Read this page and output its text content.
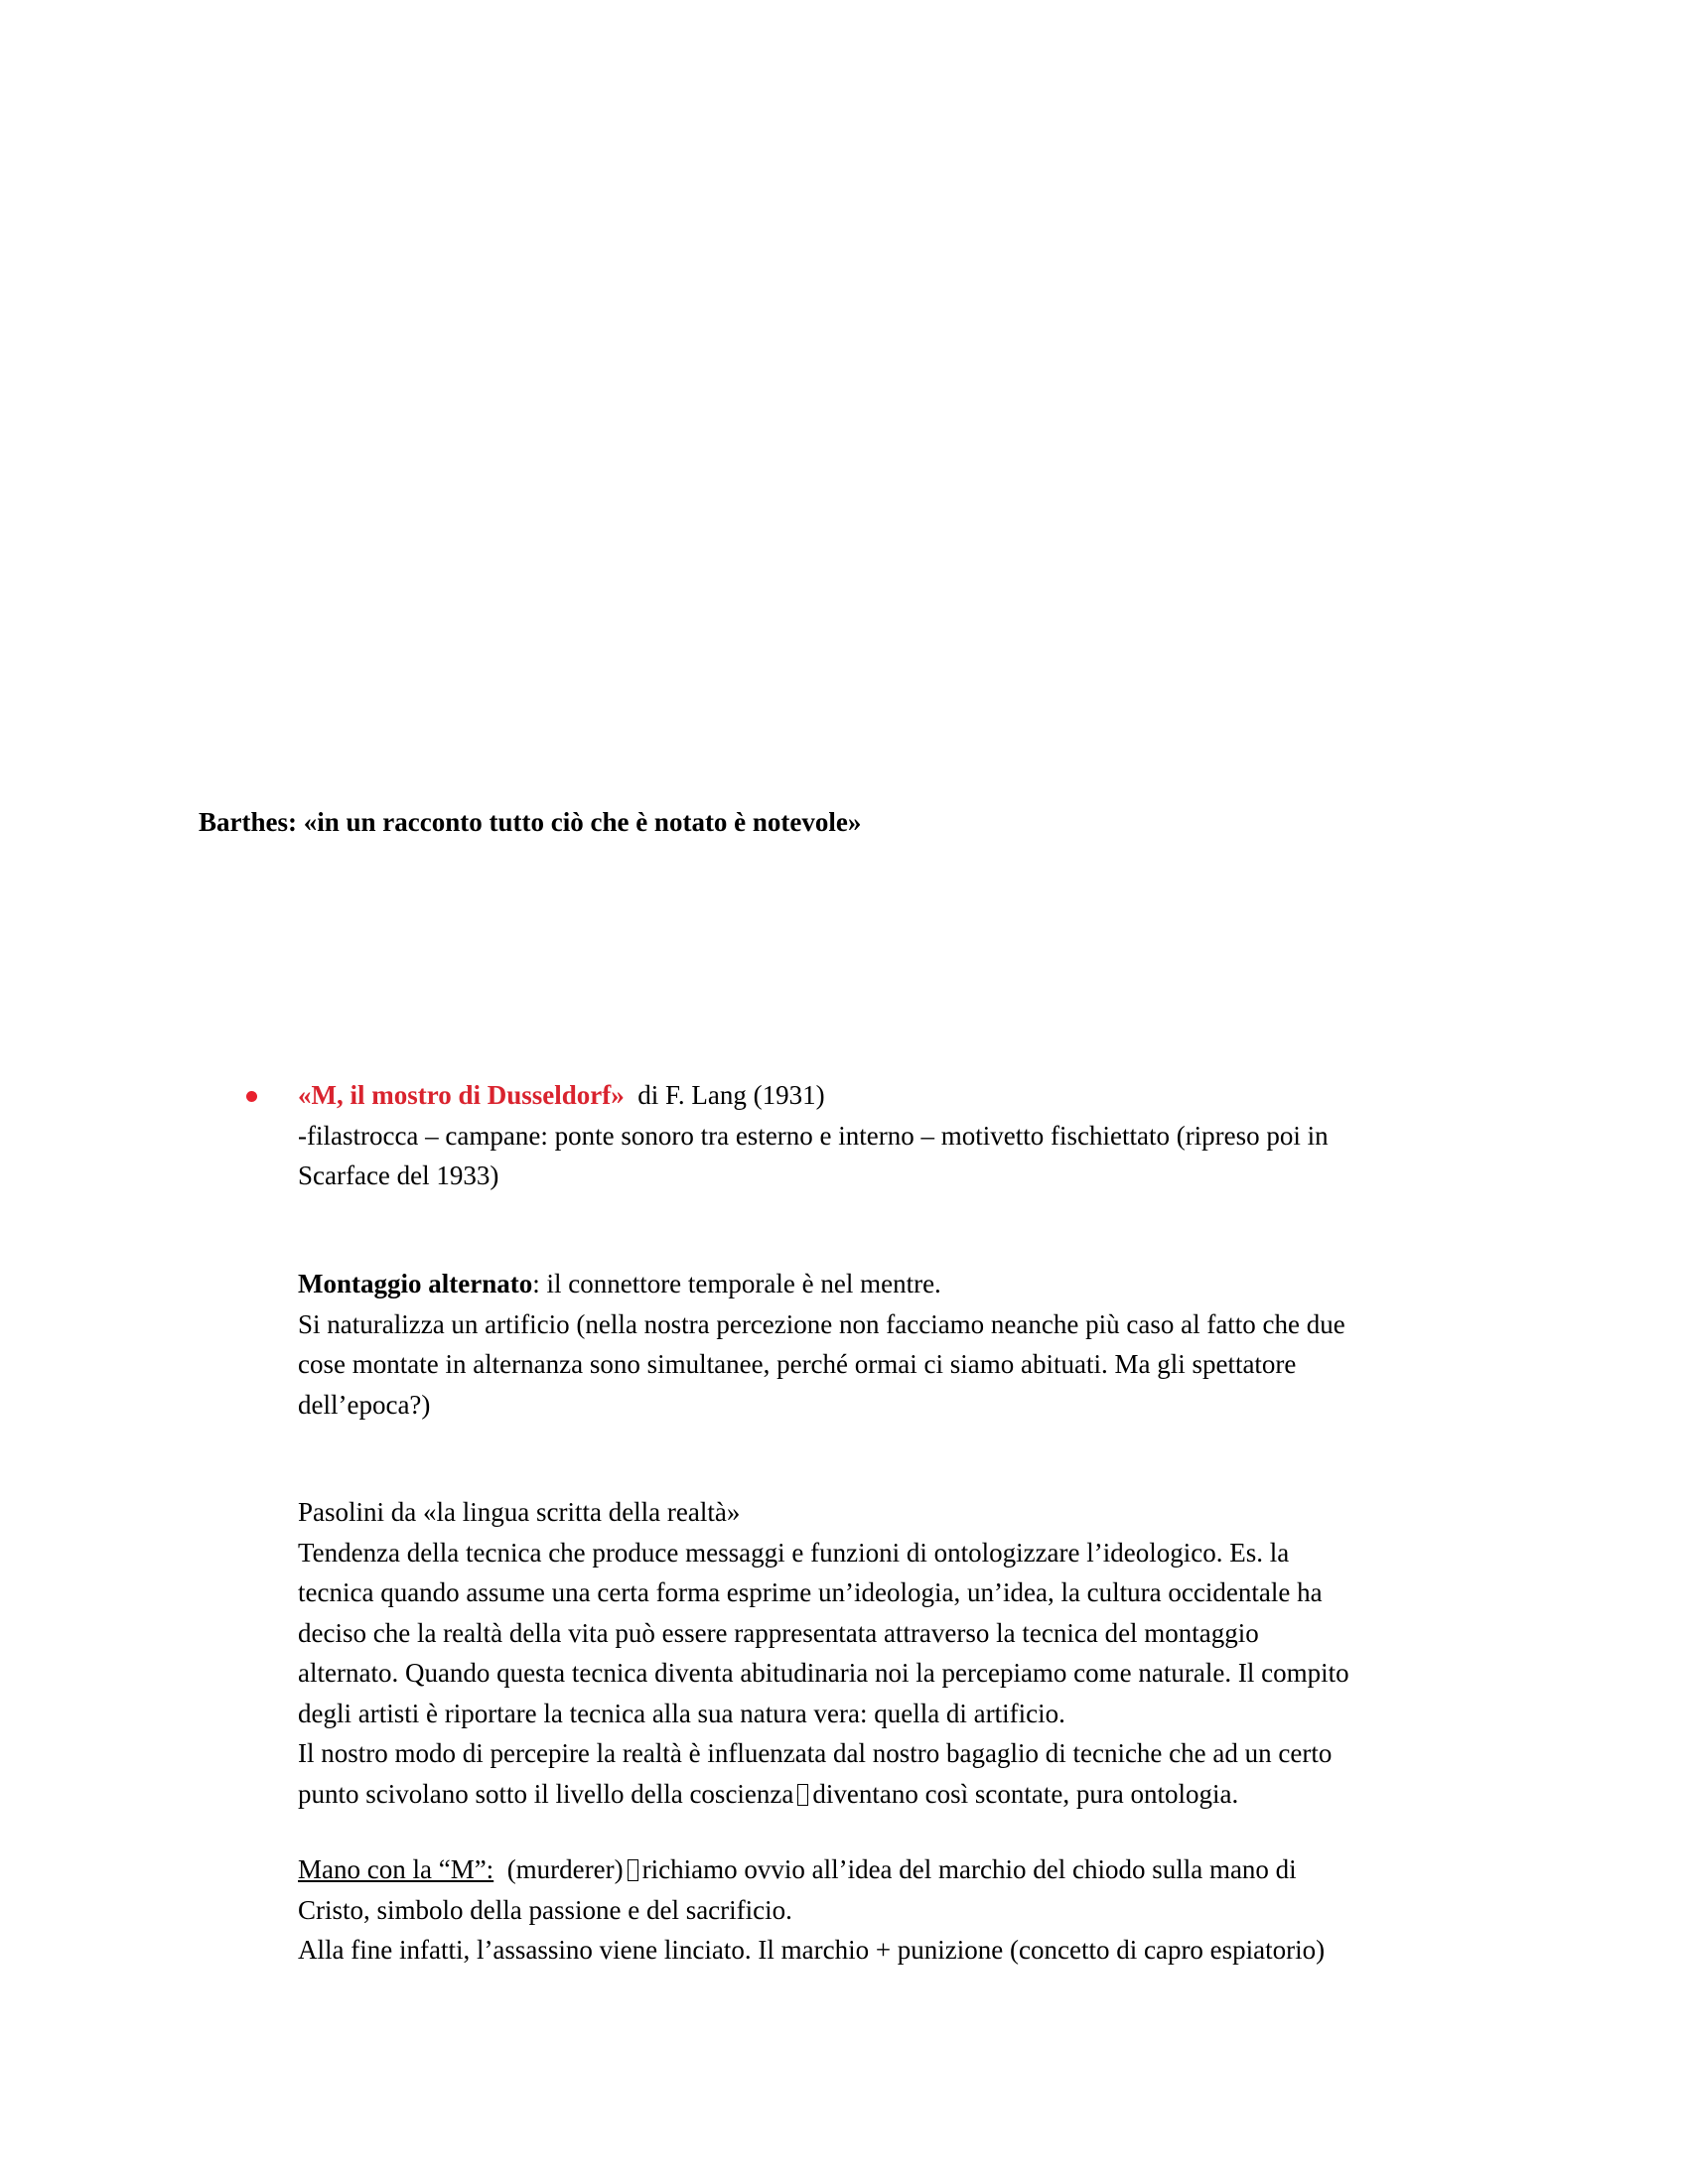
Barthes: «in un racconto tutto ciò che è notato è notevole»
«M, il mostro di Dusseldorf» di F. Lang (1931)
-filastrocca – campane: ponte sonoro tra esterno e interno – motivetto fischiettato (ripreso poi in
Scarface del 1933)
Montaggio alternato: il connettore temporale è nel mentre.
Si naturalizza un artificio (nella nostra percezione non facciamo neanche più caso al fatto che due
cose montate in alternanza sono simultanee, perché ormai ci siamo abituati. Ma gli spettatore
dell’epoca?)
Pasolini da «la lingua scritta della realtà»
Tendenza della tecnica che produce messaggi e funzioni di ontologizzare l’ideologico. Es. la
tecnica quando assume una certa forma esprime un’ideologia, un’idea, la cultura occidentale ha
deciso che la realtà della vita può essere rappresentata attraverso la tecnica del montaggio
alternato. Quando questa tecnica diventa abitudinaria noi la percepiamo come naturale. Il compito
degli artisti è riportare la tecnica alla sua natura vera: quella di artificio.
Il nostro modo di percepire la realtà è influenzata dal nostro bagaglio di tecniche che ad un certo
punto scivolano sotto il livello della coscienza diventano così scontate, pura ontologia.
Mano con la “M”: (murderer) richiamo ovvio all’idea del marchio del chiodo sulla mano di
Cristo, simbolo della passione e del sacrificio.
Alla fine infatti, l’assassino viene linciato. Il marchio + punizione (concetto di capro espiatorio)
